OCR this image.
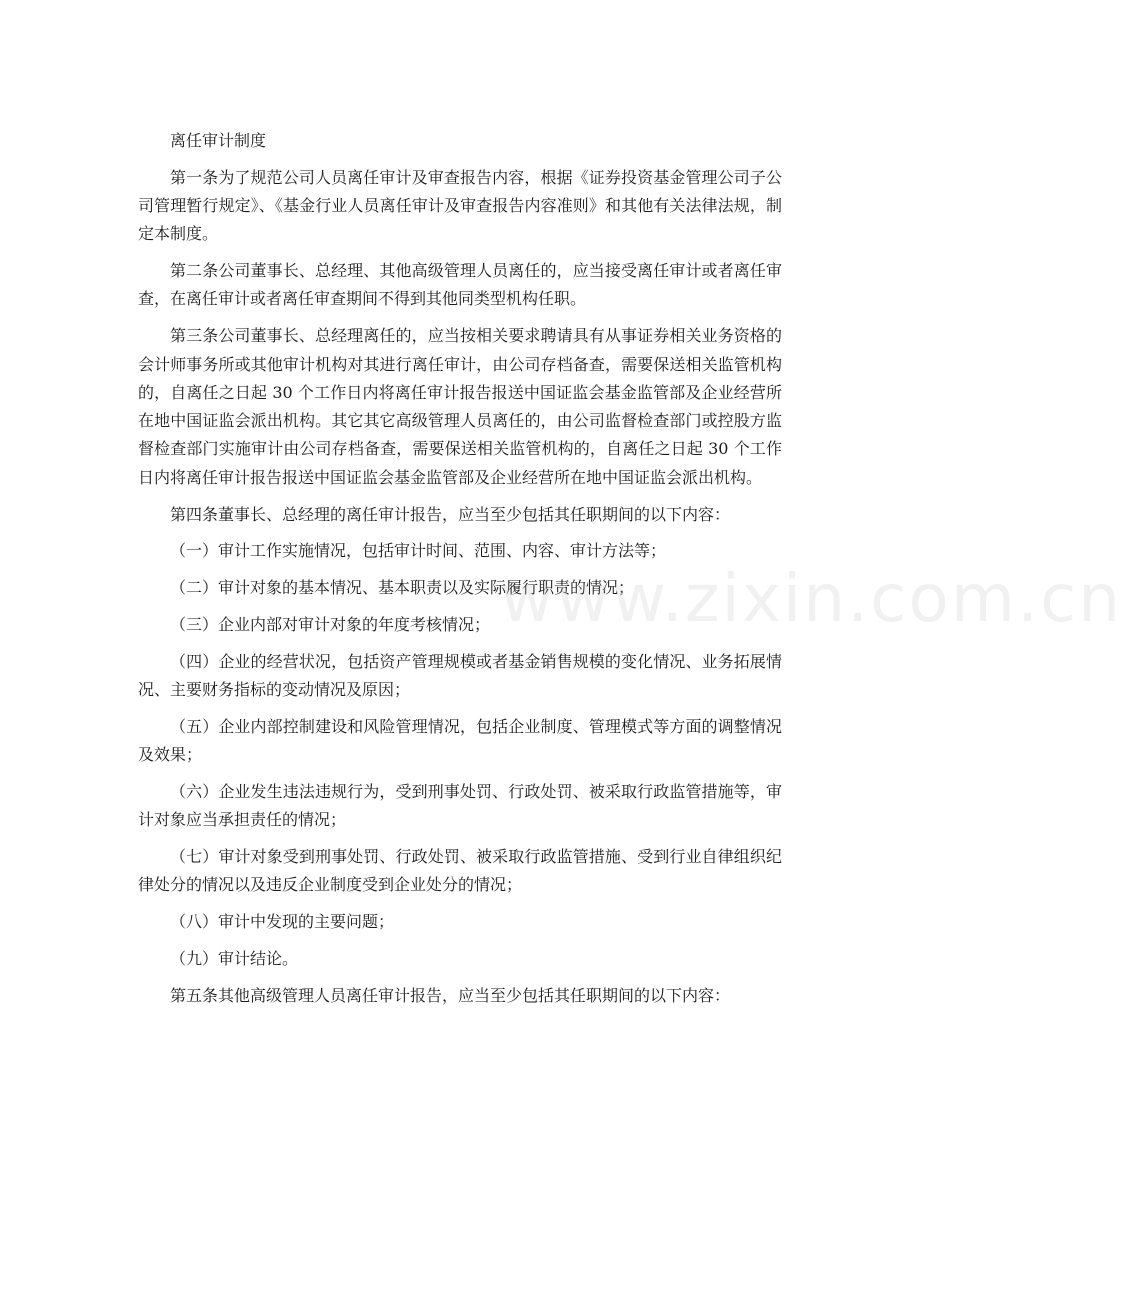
离任审计制度

第一条为了规范公司人员离任审计及审查报告内容，根据《证券投资基金管理公司子公司管理暂行规定》、《基金行业人员离任审计及审查报告内容准则》和其他有关法律法规，制定本制度。

第二条公司董事长、总经理、其他高级管理人员离任的，应当接受离任审计或者离任审查，在离任审计或者离任审查期间不得到其他同类型机构任职。

第三条公司董事长、总经理离任的，应当按相关要求聘请具有从事证券相关业务资格的会计师事务所或其他审计机构对其进行离任审计，由公司存档备查，需要保送相关监管机构的，自离任之日起 30 个工作日内将离任审计报告报送中国证监会基金监管部及企业经营所在地中国证监会派出机构。其它其它高级管理人员离任的，由公司监督检查部门或控股方监督检查部门实施审计由公司存档备查，需要保送相关监管机构的，自离任之日起 30 个工作日内将离任审计报告报送中国证监会基金监管部及企业经营所在地中国证监会派出机构。

第四条董事长、总经理的离任审计报告，应当至少包括其任职期间的以下内容：

（一）审计工作实施情况，包括审计时间、范围、内容、审计方法等；

（二）审计对象的基本情况、基本职责以及实际履行职责的情况；

（三）企业内部对审计对象的年度考核情况；

（四）企业的经营状况，包括资产管理规模或者基金销售规模的变化情况、业务拓展情况、主要财务指标的变动情况及原因；

（五）企业内部控制建设和风险管理情况，包括企业制度、管理模式等方面的调整情况及效果；

（六）企业发生违法违规行为，受到刑事处罚、行政处罚、被采取行政监管措施等，审计对象应当承担责任的情况；

（七）审计对象受到刑事处罚、行政处罚、被采取行政监管措施、受到行业自律组织纪律处分的情况以及违反企业制度受到企业处分的情况；

（八）审计中发现的主要问题；

（九）审计结论。

第五条其他高级管理人员离任审计报告，应当至少包括其任职期间的以下内容：

www.zixin.com.cn
